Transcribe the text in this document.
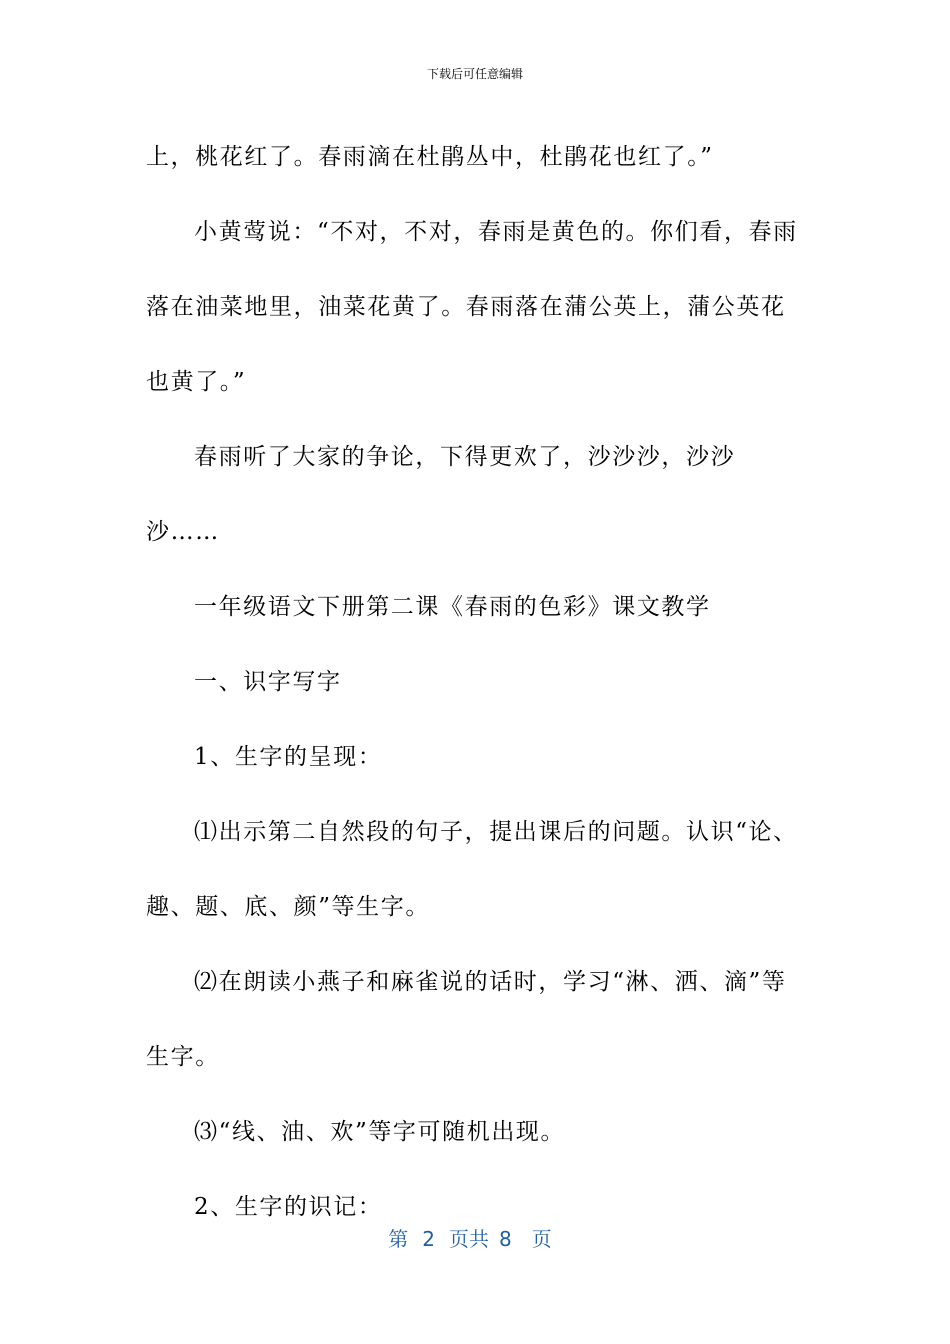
下载后可任意编辑

上，桃花红了。春雨滴在杜鹃丛中，杜鹃花也红了。”

小黄莺说：“不对，不对，春雨是黄色的。你们看，春雨落在油菜地里，油菜花黄了。春雨落在蒲公英上，蒲公英花也黄了。”

春雨听了大家的争论，下得更欢了，沙沙沙，沙沙沙……

一年级语文下册第二课《春雨的色彩》课文教学

一、识字写字

1、生字的呈现：

⑴出示第二自然段的句子，提出课后的问题。认识“论、趣、题、底、颜”等生字。

⑵在朗读小燕子和麻雀说的话时，学习“淋、洒、滴”等生字。

⑶“线、油、欢”等字可随机出现。

2、生字的识记：

第 2 页共 8 页
